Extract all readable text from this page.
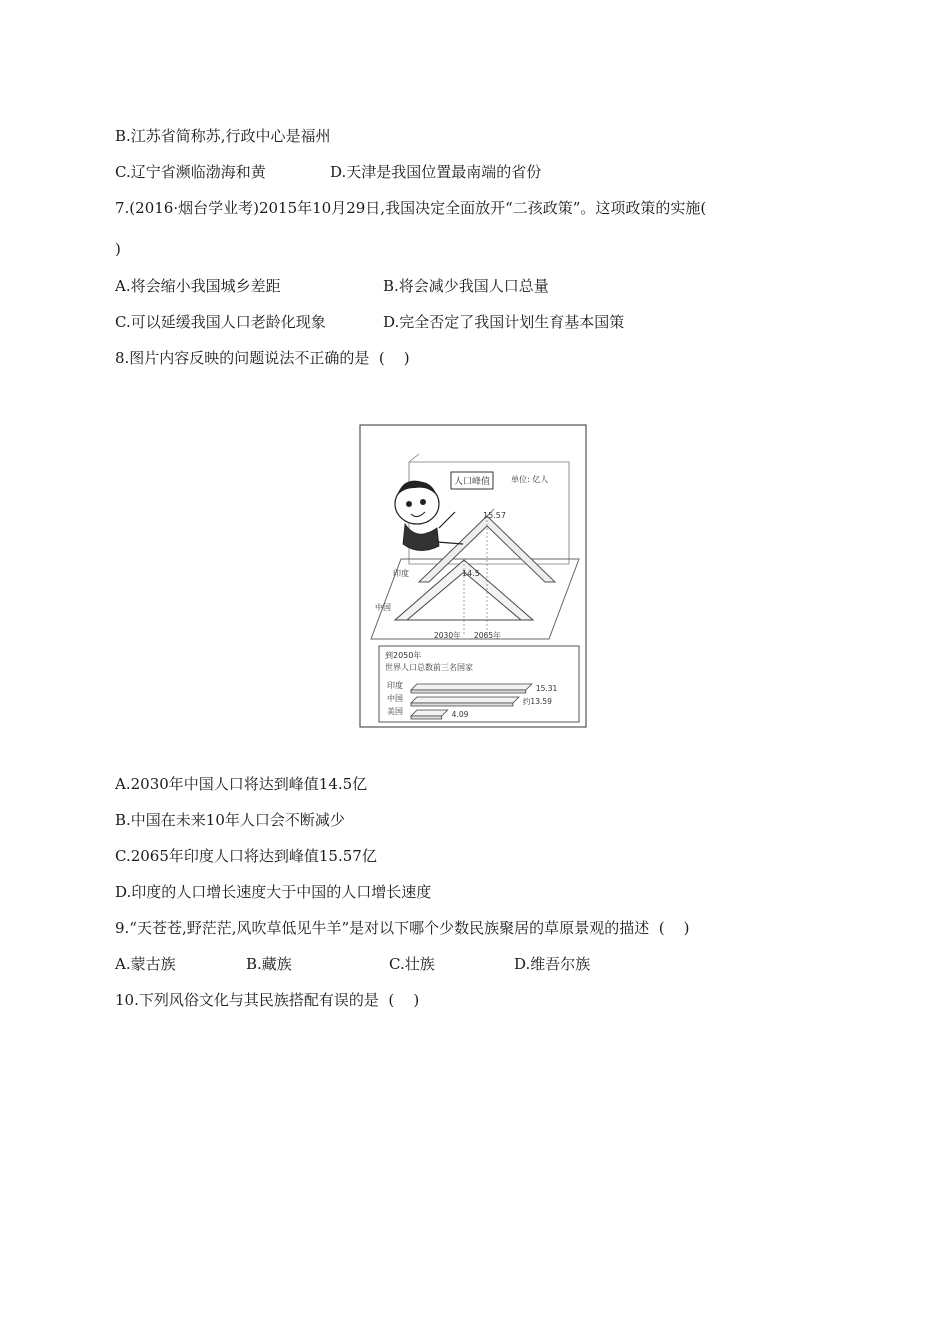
B.江苏省简称苏,行政中心是福州
C.辽宁省濒临渤海和黄	D.天津是我国位置最南端的省份
7.(2016·烟台学业考)2015年10月29日,我国决定全面放开“二孩政策”。这项政策的实施(
)
A.将会缩小我国城乡差距	B.将会减少我国人口总量
C.可以延缓我国人口老龄化现象	D.完全否定了我国计划生育基本国策
8.图片内容反映的问题说法不正确的是  (    )
人口峰值	单位: 亿人
15.57
14.5
印度
中国
2030年 2065年
到2050年
世界人口总数前三名国家
印度	15.31
中国	约13.59
美国	4.09
A.2030年中国人口将达到峰值14.5亿
B.中国在未来10年人口会不断减少
C.2065年印度人口将达到峰值15.57亿
D.印度的人口增长速度大于中国的人口增长速度
9.“天苍苍,野茫茫,风吹草低见牛羊”是对以下哪个少数民族聚居的草原景观的描述  (    )
A.蒙古族	B.藏族	C.壮族	D.维吾尔族
10.下列风俗文化与其民族搭配有误的是  (    )
